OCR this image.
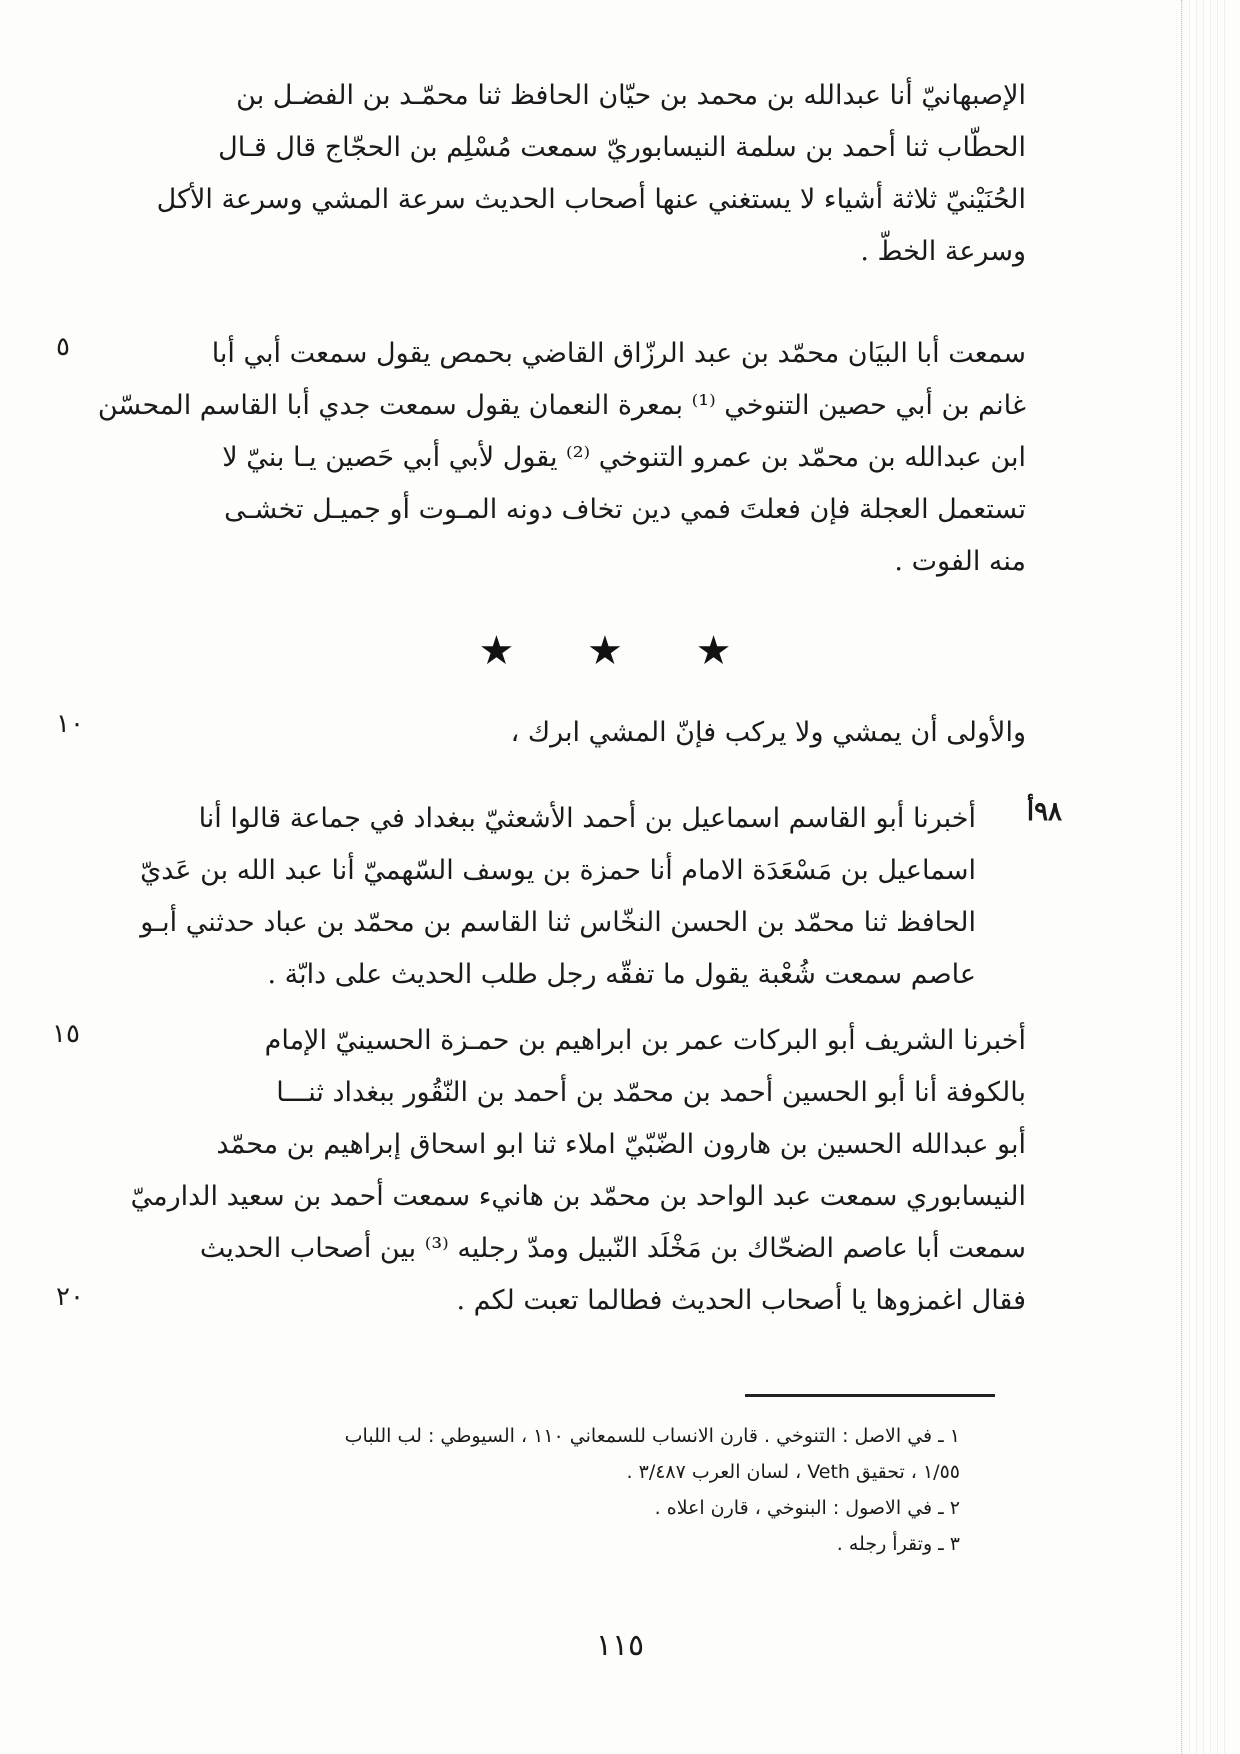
الإصبهانيّ أنا عبدالله بن محمد بن حيّان الحافظ ثنا محمّـد بن الفضـل بن
الحطّاب ثنا أحمد بن سلمة النيسابوريّ سمعت مُسْلِم بن الحجّاج قال قـال
الحُنَيْنيّ ثلاثة أشياء لا يستغني عنها أصحاب الحديث سرعة المشي وسرعة الأكل
وسرعة الخطّ .
سمعت أبا البيَان محمّد بن عبد الرزّاق القاضي بحمص يقول سمعت أبي أبا
غانم بن أبي حصين التنوخي ⁽¹⁾ بمعرة النعمان يقول سمعت جدي أبا القاسم المحسّن
ابن عبدالله بن محمّد بن عمرو التنوخي ⁽²⁾ يقول لأبي أبي حَصين يـا بنيّ لا
تستعمل العجلة فإن فعلتَ فمي دين تخاف دونه المـوت أو جميـل تخشـى
منه الفوت .
٥
★ ★ ★
والأولى أن يمشي ولا يركب فإنّ المشي ابرك ،
١٠
٩٨أ
أخبرنا أبو القاسم اسماعيل بن أحمد الأشعثيّ ببغداد في جماعة قالوا أنا
اسماعيل بن مَسْعَدَة الامام أنا حمزة بن يوسف السّهميّ أنا عبد الله بن عَديّ
الحافظ ثنا محمّد بن الحسن النخّاس ثنا القاسم بن محمّد بن عباد حدثني أبـو
عاصم سمعت شُعْبة يقول ما تفقّه رجل طلب الحديث على دابّة .
أخبرنا الشريف أبو البركات عمر بن ابراهيم بن حمـزة الحسينيّ الإمام
بالكوفة أنا أبو الحسين أحمد بن محمّد بن أحمد بن النّقُور ببغداد ثنـــا
أبو عبدالله الحسين بن هارون الضّبّيّ املاء ثنا ابو اسحاق إبراهيم بن محمّد
النيسابوري سمعت عبد الواحد بن محمّد بن هانيء سمعت أحمد بن سعيد الدارميّ
سمعت أبا عاصم الضحّاك بن مَخْلَد النّبيل ومدّ رجليه ⁽³⁾ بين أصحاب الحديث
فقال اغمزوها يا أصحاب الحديث فطالما تعبت لكم .
١٥
٢٠
١ ـ في الاصل : التنوخي . قارن الانساب للسمعاني ١١٠ ، السيوطي : لب اللباب
١/٥٥ ، تحقيق Veth ، لسان العرب ٣/٤٨٧ .
٢ ـ في الاصول : البنوخي ، قارن اعلاه .
٣ ـ وتقرأ رجله .
١١٥
